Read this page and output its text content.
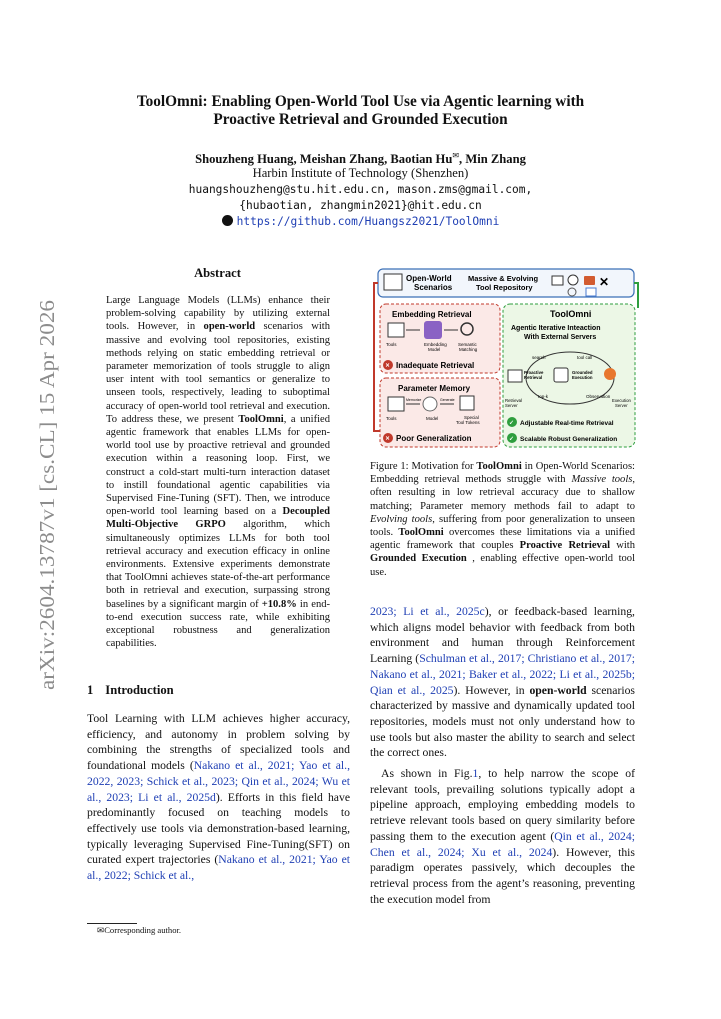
arXiv:2604.13787v1 [cs.CL] 15 Apr 2026
ToolOmni: Enabling Open-World Tool Use via Agentic learning with
Proactive Retrieval and Grounded Execution
Shouzheng Huang, Meishan Zhang, Baotian Hu✉, Min Zhang
Harbin Institute of Technology (Shenzhen)
huangshouzheng@stu.hit.edu.cn, mason.zms@gmail.com,
{hubaotian, zhangmin2021}@hit.edu.cn
https://github.com/Huangsz2021/ToolOmni
Abstract
Large Language Models (LLMs) enhance their problem-solving capability by utilizing external tools. However, in open-world scenarios with massive and evolving tool repositories, existing methods relying on static embedding retrieval or parameter memorization of tools struggle to align user intent with tool semantics or generalize to unseen tools, respectively, leading to suboptimal accuracy of open-world tool retrieval and execution. To address these, we present ToolOmni, a unified agentic framework that enables LLMs for open-world tool use by proactive retrieval and grounded execution within a reasoning loop. First, we construct a cold-start multi-turn interaction dataset to instill foundational agentic capabilities via Supervised Fine-Tuning (SFT). Then, we introduce open-world tool learning based on a Decoupled Multi-Objective GRPO algorithm, which simultaneously optimizes LLMs for both tool retrieval accuracy and execution efficacy in online environments. Extensive experiments demonstrate that ToolOmni achieves state-of-the-art performance both in retrieval and execution, surpassing strong baselines by a significant margin of +10.8% in end-to-end execution success rate, while exhibiting exceptional robustness and generalization capabilities.
1 Introduction
Tool Learning with LLM achieves higher accuracy, efficiency, and autonomy in problem solving by combining the strengths of specialized tools and foundational models (Nakano et al., 2021; Yao et al., 2022, 2023; Schick et al., 2023; Qin et al., 2024; Wu et al., 2023; Li et al., 2025d). Efforts in this field have predominantly focused on teaching models to effectively use tools via demonstration-based learning, typically leveraging Supervised Fine-Tuning(SFT) on curated expert trajectories (Nakano et al., 2021; Yao et al., 2022; Schick et al.,
✉Corresponding author.
Open-World Scenarios
Massive & Evolving Tool Repository	✕
Embedding Retrieval
Tools	Embedding Model
Semantic Matching
× Inadequate Retrieval
Parameter Memory
Tools
Memorize
Model
Generate
Special Tool Tokens
× Poor Generalization
ToolOmni
Agentic Iterative Inteaction With External Servers
search	tool call
Proactive Retrieval
Grounded Execution
top-k	Observation
Retrieval Server
Execution Server
✓ Adjustable Real-time Retrieval
✓ Scalable Robust Generalization
Figure 1: Motivation for ToolOmni in Open-World Scenarios: Embedding retrieval methods struggle with Massive tools, often resulting in low retrieval accuracy due to shallow matching; Parameter memory methods fail to adapt to Evolving tools, suffering from poor generalization to unseen tools. ToolOmni overcomes these limitations via a unified agentic framework that couples Proactive Retrieval with Grounded Execution , enabling effective open-world tool use.

2023; Li et al., 2025c), or feedback-based learning, which aligns model behavior with feedback from both environment and human through Reinforcement Learning (Schulman et al., 2017; Christiano et al., 2017; Nakano et al., 2021; Baker et al., 2022; Li et al., 2025b; Qian et al., 2025). However, in open-world scenarios characterized by massive and dynamically updated tool repositories, models must not only understand how to use tools but also master the ability to search and select the correct ones.

As shown in Fig.1, to help narrow the scope of relevant tools, prevailing solutions typically adopt a pipeline approach, employing embedding models to retrieve relevant tools based on query similarity before passing them to the execution agent (Qin et al., 2024; Chen et al., 2024; Xu et al., 2024). However, this paradigm operates passively, which decouples the retrieval process from the agent’s reasoning, preventing the execution model from
